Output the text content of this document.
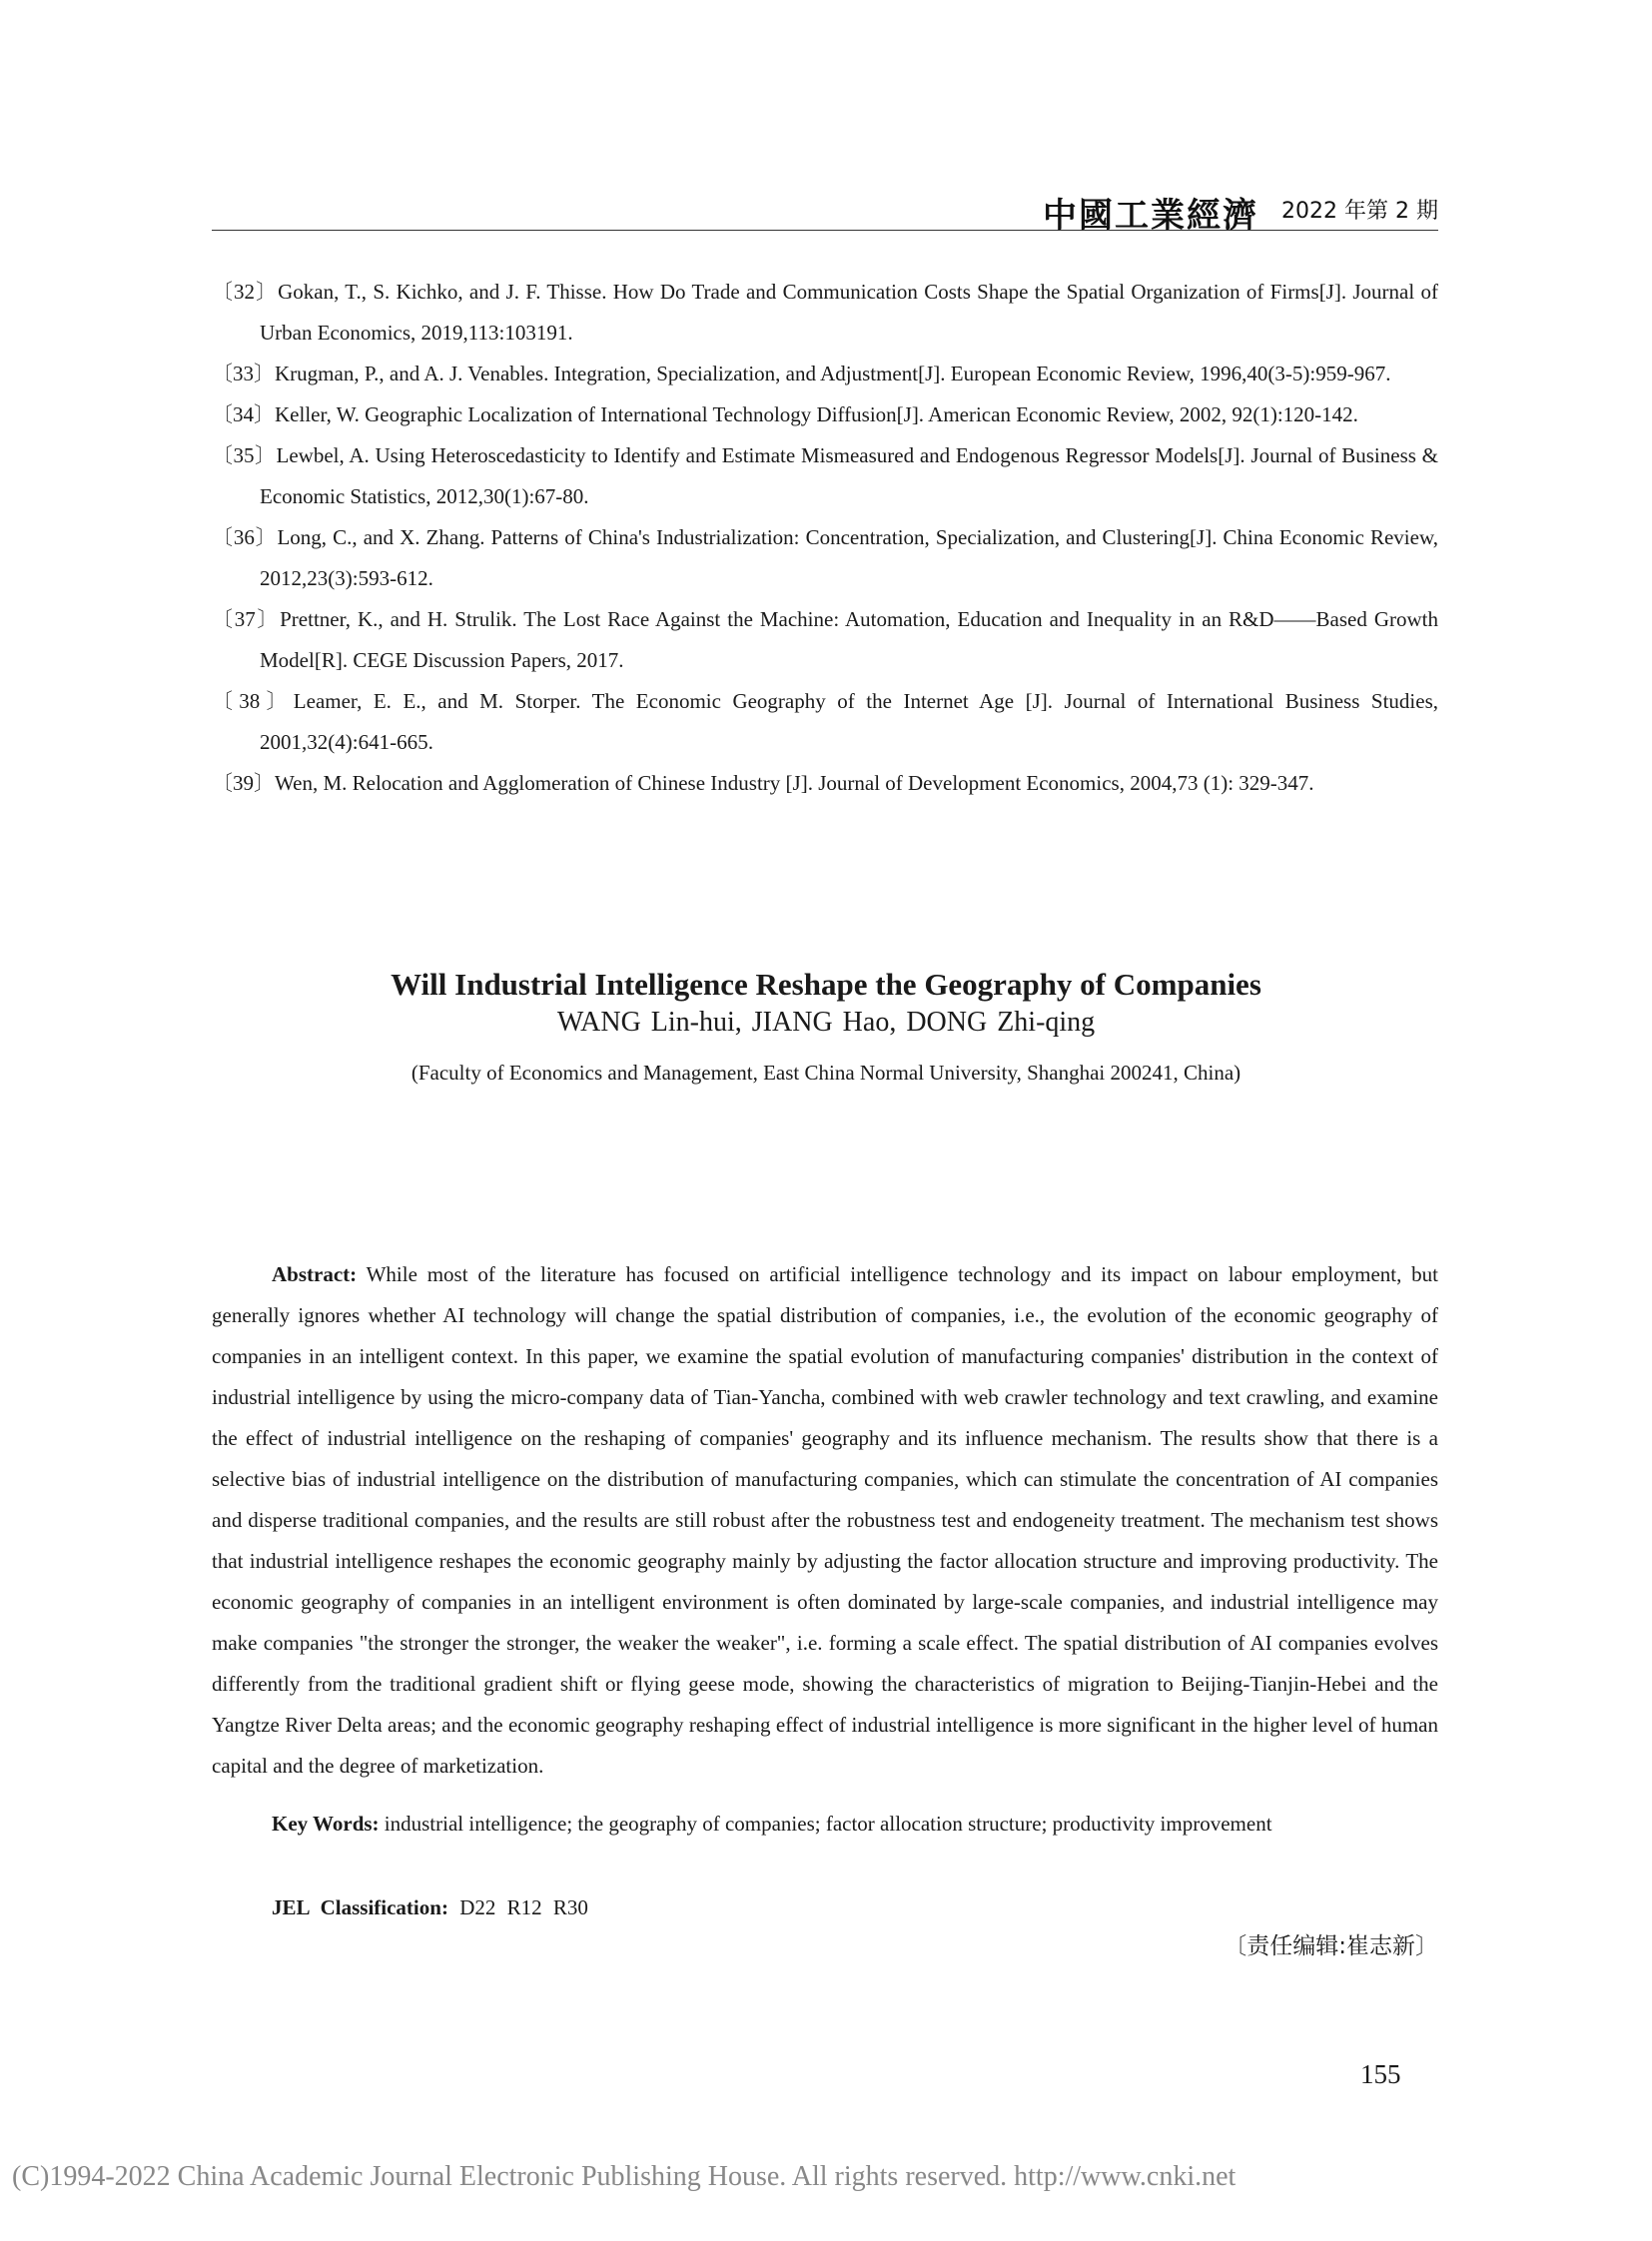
中國工業經濟 2022 年第 2 期

〔32〕Gokan, T., S. Kichko, and J. F. Thisse. How Do Trade and Communication Costs Shape the Spatial Organization of Firms[J]. Journal of Urban Economics, 2019,113:103191.

〔33〕Krugman, P., and A. J. Venables. Integration, Specialization, and Adjustment[J]. European Economic Review, 1996,40(3-5):959-967.

〔34〕Keller, W. Geographic Localization of International Technology Diffusion[J]. American Economic Review, 2002, 92(1):120-142.

〔35〕Lewbel, A. Using Heteroscedasticity to Identify and Estimate Mismeasured and Endogenous Regressor Models[J]. Journal of Business & Economic Statistics, 2012,30(1):67-80.

〔36〕Long, C., and X. Zhang. Patterns of China's Industrialization: Concentration, Specialization, and Clustering[J]. China Economic Review, 2012,23(3):593-612.

〔37〕Prettner, K., and H. Strulik. The Lost Race Against the Machine: Automation, Education and Inequality in an R&D——Based Growth Model[R]. CEGE Discussion Papers, 2017.

〔38〕Leamer, E. E., and M. Storper. The Economic Geography of the Internet Age [J]. Journal of International Business Studies, 2001,32(4):641-665.

〔39〕Wen, M. Relocation and Agglomeration of Chinese Industry [J]. Journal of Development Economics, 2004,73 (1): 329-347.

Will Industrial Intelligence Reshape the Geography of Companies
WANG Lin-hui, JIANG Hao, DONG Zhi-qing
(Faculty of Economics and Management, East China Normal University, Shanghai 200241, China)

Abstract: While most of the literature has focused on artificial intelligence technology and its impact on labour employment, but generally ignores whether AI technology will change the spatial distribution of companies, i.e., the evolution of the economic geography of companies in an intelligent context. In this paper, we examine the spatial evolution of manufacturing companies' distribution in the context of industrial intelligence by using the micro-company data of Tian-Yancha, combined with web crawler technology and text crawling, and examine the effect of industrial intelligence on the reshaping of companies' geography and its influence mechanism. The results show that there is a selective bias of industrial intelligence on the distribution of manufacturing companies, which can stimulate the concentration of AI companies and disperse traditional companies, and the results are still robust after the robustness test and endogeneity treatment. The mechanism test shows that industrial intelligence reshapes the economic geography mainly by adjusting the factor allocation structure and improving productivity. The economic geography of companies in an intelligent environment is often dominated by large-scale companies, and industrial intelligence may make companies "the stronger the stronger, the weaker the weaker", i.e. forming a scale effect. The spatial distribution of AI companies evolves differently from the traditional gradient shift or flying geese mode, showing the characteristics of migration to Beijing-Tianjin-Hebei and the Yangtze River Delta areas; and the economic geography reshaping effect of industrial intelligence is more significant in the higher level of human capital and the degree of marketization.

Key Words: industrial intelligence; the geography of companies; factor allocation structure; productivity improvement

JEL Classification: D22 R12 R30
〔责任编辑:崔志新〕
155
(C)1994-2022 China Academic Journal Electronic Publishing House. All rights reserved. http://www.cnki.net
